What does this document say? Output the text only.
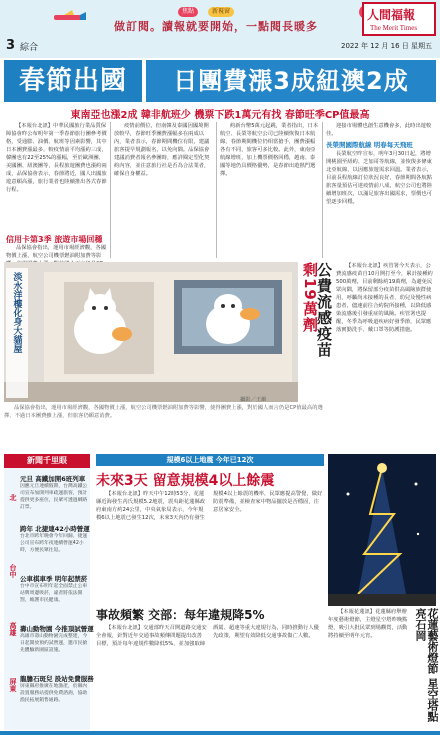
焦點	新視窗
做訂閱。讀報就要開始，一點閱長暖多
人間福報
The Merit Times
3 綜合	2022 年 12 月 16 日 星期五
春節出國	日團費漲3成紐澳2成
東南亞也漲2成 韓非航班少 機票下跌1萬元有找 春節旺季CP值最高

【本報台北訊】中華民國旅行業品質保障協會昨公布明年第一季春節旅行團參考價格，受通膨、油價、航班等因素影響，其中日本團費漲最多，較疫情前平均漲約三成，韓團也有22至25%的漲幅，至於歐洲團、美國團、紐澳團等，長程旅遊團費也漲約兩成，品保協會表示，春節將近，國人出國旅遊意願高漲，旅行業者也陸續推出各式春節行程。

信用卡第3季 旅遊市場回穩

品保協會指出，運用市場經濟觀，各國物價上漲，航空公司機票燃油附加費等影

疫情前價位，但南韓及泰國因國境開放較早，春節旺季團費漲幅多在兩成以內，業者表示，春節期間機位有限，建議旅客提早規劃報名，以免向隅。品保協會建議消費者報名參團時，應詳閱定型化契約內容，並注意旅行社是否為合法業者，確保自身權益。

約新台幣5萬元起跳，業者指出，日本航空、長榮等航空公司已陸續恢復日本航線，春節期間機位仍相當搶手，團費漲幅各有不同，旅客可多比較。此外，東南亞航線增班，加上機票價格回穩，越南、泰國等地仍具價格優勢，是春節出遊熱門選擇。

迎接市場體也創生意機會多，此時出遊較佳。

長榮開國際航線 明春每天飛班

長榮航空昨宣布，明年3月30日起，將增開桃園至紐約、芝加哥等航線，並恢復多條東北亞航線，以因應旅遊需求回溫。業者表示，目前長程航線訂位狀況良好，春節期間各航點旅客量預估可達疫情前八成，航空公司也將陸續增加班次，以滿足旅客出國需求，票價也可望逐步回穩。

淡水洋樓化身大貓屋
攝影／王維
公費流感疫苗
剩19萬劑	【本報台北訊】疾管署今天表示，公費流感疫苗自10月開打至今，累計接種約500萬劑，目前剩餘約19萬劑，為避免民眾向隅，將保留部分疫苗供高風險族群使用，呼籲尚未接種的長者、幼兒及慢性病患者，儘速前往合約院所接種，以降低感染流感後引發重症的風險。疾管署也提醒，冬季為呼吸道疾病好發季節，民眾應落實勤洗手、戴口罩等防護措施。

品保協會指出，運用市場經濟觀，各國物價上漲，航空公司機票燃油附加費等影響，使得團費上漲，對於國人而言仍是CP值最高的選擇，不過日本團費雖上漲，但旅客仍願意消費。

新聞千里眼
北
台中
高雄
屏東
元旦 高鐵加開6班列車
因應元旦連續假期，台灣高鐵公司宣布加開列車疏運旅客，預計提供更多座位，民眾可透過網路訂票。
跨年 北捷連42小時營運
台北市跨年晚會今年回歸，捷運公司宣布跨年夜連續營運42小時，方便民眾往返。
公車棋車季 明年起禁菸
台中市宣布明年起全面禁止公車站牌周邊吸菸，違者將依法開罰，維護市民健康。
壽山動物園 今推頂試營運
高雄市壽山動物園完成整建，今日起開放預約試營運，邀市民搶先體驗新園區設施。
龍膽石斑兒 設站免費服務
屏東縣府推廣在地漁產，於縣內設置服務站提供免費諮詢，協助漁民拓展銷售通路。
規模6以上地震 今年已12次
未來3天 留意規模4以上餘震

【本報台北訊】昨天中午12時53分，花蓮縣近海發生芮氏規模5.2地震，震央距花蓮縣政府東南方約24公里，中央氣象局表示，今年規模6以上地震已發生12次，未來3天內仍有發生規模4以上餘震的機率，民眾應提高警覺，做好防震準備，並檢查家中物品擺放是否穩固，注意居家安全。

事故頻繁 交部：每年違規降5%

【本報台北訊】交通部昨天召開道路交通安全會報，針對近年交通事故頻傳問題提出改善目標，預計每年違規件數降低5%，並加強取締酒駕、超速等重大違規行為，同時推動行人優先政策，期望有效降低交通事故傷亡人數。	花蓮藝術燈節 星空塔點亮石岡

【本報花蓮訊】花蓮縣府舉辦年度藝術燈節，主燈星空塔昨晚點燈，吸引大批民眾到場觀賞，活動將持續至明年元宵。
